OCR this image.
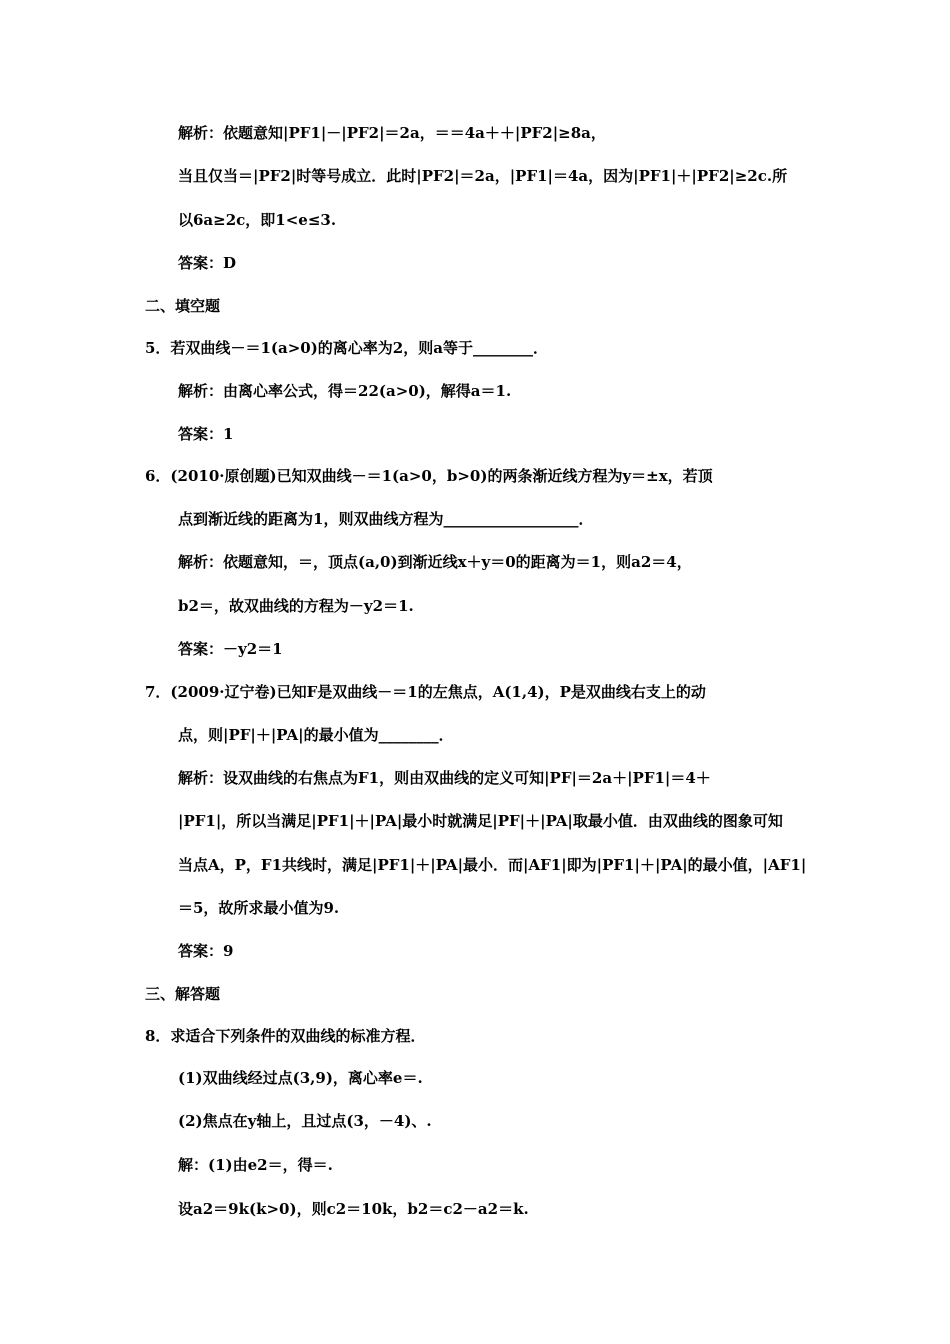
解析：依题意知|PF1|－|PF2|＝2a，＝＝4a＋＋|PF2|≥8a，
当且仅当＝|PF2|时等号成立．此时|PF2|＝2a，|PF1|＝4a，因为|PF1|＋|PF2|≥2c.所
以6a≥2c，即1<e≤3.
答案：D
二、填空题
5．若双曲线－＝1(a>0)的离心率为2，则a等于________．
解析：由离心率公式，得＝22(a>0)，解得a＝1.
答案：1
6．(2010·原创题)已知双曲线－＝1(a>0，b>0)的两条渐近线方程为y＝±x，若顶
点到渐近线的距离为1，则双曲线方程为__________________．
解析：依题意知，＝，顶点(a,0)到渐近线x＋y＝0的距离为＝1，则a2＝4，
b2＝，故双曲线的方程为－y2＝1.
答案：－y2＝1
7．(2009·辽宁卷)已知F是双曲线－＝1的左焦点，A(1,4)，P是双曲线右支上的动
点，则|PF|＋|PA|的最小值为________．
解析：设双曲线的右焦点为F1，则由双曲线的定义可知|PF|＝2a＋|PF1|＝4＋
|PF1|，所以当满足|PF1|＋|PA|最小时就满足|PF|＋|PA|取最小值．由双曲线的图象可知
当点A，P，F1共线时，满足|PF1|＋|PA|最小．而|AF1|即为|PF1|＋|PA|的最小值，|AF1|
＝5，故所求最小值为9.
答案：9
三、解答题
8．求适合下列条件的双曲线的标准方程．
(1)双曲线经过点(3,9)，离心率e＝.
(2)焦点在y轴上，且过点(3，－4)、.
解：(1)由e2＝，得＝.
设a2＝9k(k>0)，则c2＝10k，b2＝c2－a2＝k.
